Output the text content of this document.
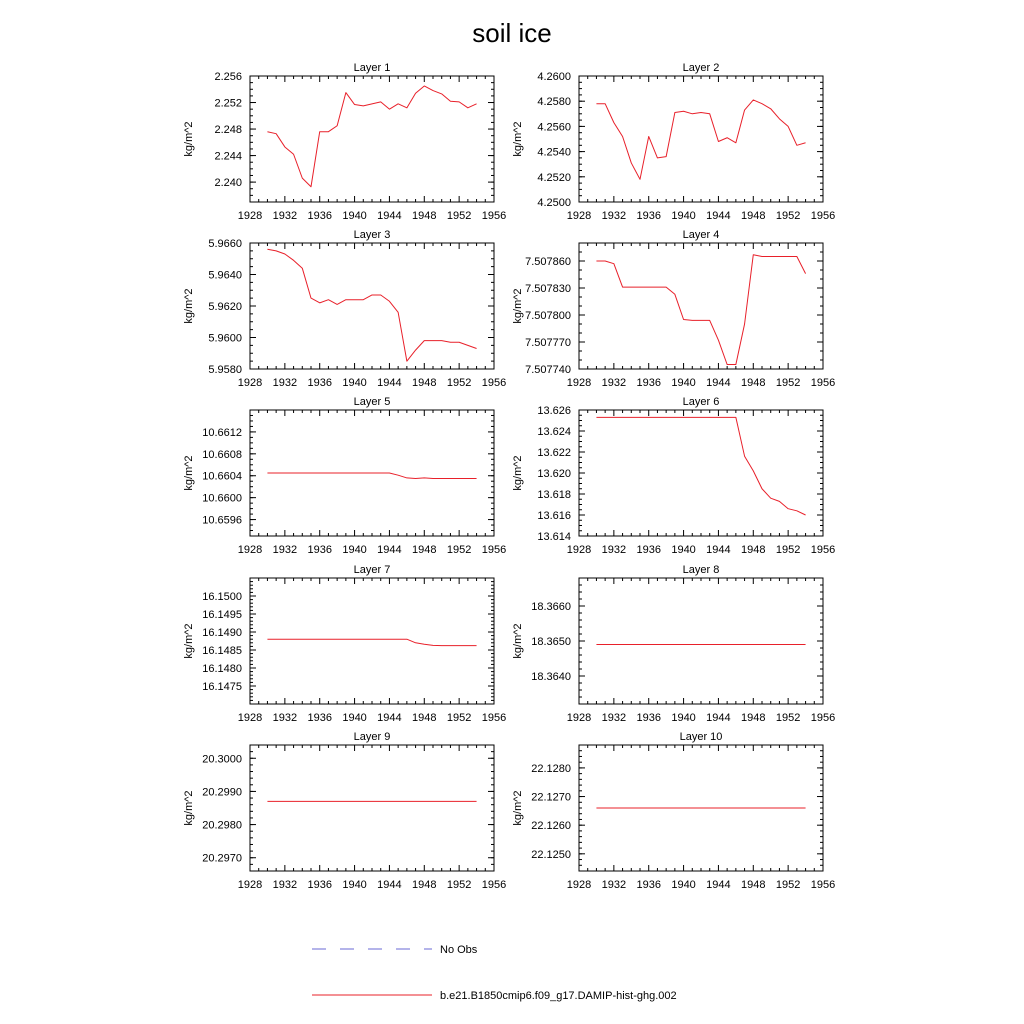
soil ice
Layer 1
kg/m^2
1928 1932 1936 1940 1944 1948 1952 1956
2.240
2.244
2.248
2.252
2.256
Layer 2
kg/m^2
1928 1932 1936 1940 1944 1948 1952 1956
4.2500
4.2520
4.2540
4.2560
4.2580
4.2600
Layer 3
kg/m^2
1928 1932 1936 1940 1944 1948 1952 1956
5.9580
5.9600
5.9620
5.9640
5.9660
Layer 4
kg/m^2
1928 1932 1936 1940 1944 1948 1952 1956
7.507740
7.507770
7.507800
7.507830
7.507860
Layer 5
kg/m^2
1928 1932 1936 1940 1944 1948 1952 1956
10.6596
10.6600
10.6604
10.6608
10.6612
Layer 6
kg/m^2
1928 1932 1936 1940 1944 1948 1952 1956
13.614
13.616
13.618
13.620
13.622
13.624
13.626
Layer 7
kg/m^2
1928 1932 1936 1940 1944 1948 1952 1956
16.1475
16.1480
16.1485
16.1490
16.1495
16.1500
Layer 8
kg/m^2
1928 1932 1936 1940 1944 1948 1952 1956
18.3640
18.3650
18.3660
Layer 9
kg/m^2
1928 1932 1936 1940 1944 1948 1952 1956
20.2970
20.2980
20.2990
20.3000
Layer 10
kg/m^2
1928 1932 1936 1940 1944 1948 1952 1956
22.1250
22.1260
22.1270
22.1280
No Obs
b.e21.B1850cmip6.f09_g17.DAMIP-hist-ghg.002
